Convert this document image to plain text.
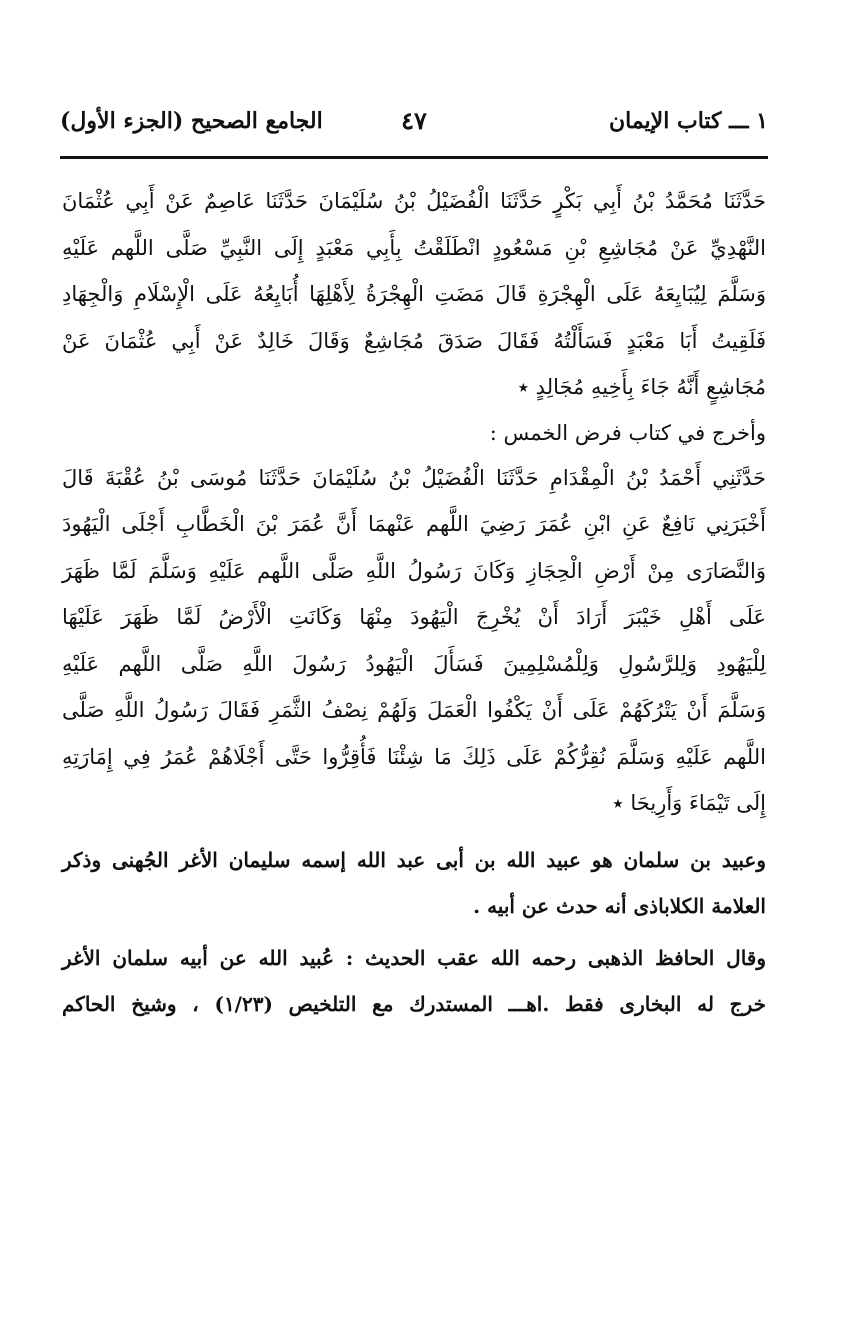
١ ـــ كتاب الإيمان
٤٧
الجامع الصحيح (الجزء الأول)
حَدَّثَنَا مُحَمَّدُ بْنُ أَبِي بَكْرٍ حَدَّثَنَا الْفُضَيْلُ بْنُ سُلَيْمَانَ حَدَّثَنَا عَاصِمٌ عَنْ أَبِي عُثْمَانَ
النَّهْدِيِّ عَنْ مُجَاشِعِ بْنِ مَسْعُودٍ انْطَلَقْتُ بِأَبِي مَعْبَدٍ إِلَى النَّبِيِّ صَلَّى اللَّهم عَلَيْهِ
وَسَلَّمَ لِيُبَايِعَهُ عَلَى الْهِجْرَةِ قَالَ مَضَتِ الْهِجْرَةُ لِأَهْلِهَا أُبَايِعُهُ عَلَى الْإِسْلَامِ وَالْجِهَادِ
فَلَقِيتُ أَبَا مَعْبَدٍ فَسَأَلْتُهُ فَقَالَ صَدَقَ مُجَاشِعٌ وَقَالَ خَالِدٌ عَنْ أَبِي عُثْمَانَ عَنْ
مُجَاشِعٍ أَنَّهُ جَاءَ بِأَخِيهِ مُجَالِدٍ ٭
وأخرج في كتاب فرض الخمس :
حَدَّثَنِي أَحْمَدُ بْنُ الْمِقْدَامِ حَدَّثَنَا الْفُضَيْلُ بْنُ سُلَيْمَانَ حَدَّثَنَا مُوسَى بْنُ عُقْبَةَ قَالَ
أَخْبَرَنِي نَافِعٌ عَنِ ابْنِ عُمَرَ رَضِيَ اللَّهم عَنْهمَا أَنَّ عُمَرَ بْنَ الْخَطَّابِ أَجْلَى الْيَهُودَ
وَالنَّصَارَى مِنْ أَرْضِ الْحِجَازِ وَكَانَ رَسُولُ اللَّهِ صَلَّى اللَّهم عَلَيْهِ وَسَلَّمَ لَمَّا ظَهَرَ
عَلَى أَهْلِ خَيْبَرَ أَرَادَ أَنْ يُخْرِجَ الْيَهُودَ مِنْهَا وَكَانَتِ الْأَرْضُ لَمَّا ظَهَرَ عَلَيْهَا
لِلْيَهُودِ وَلِلرَّسُولِ وَلِلْمُسْلِمِينَ فَسَأَلَ الْيَهُودُ رَسُولَ اللَّهِ صَلَّى اللَّهم عَلَيْهِ
وَسَلَّمَ أَنْ يَتْرُكَهُمْ عَلَى أَنْ يَكْفُوا الْعَمَلَ وَلَهُمْ نِصْفُ الثَّمَرِ فَقَالَ رَسُولُ اللَّهِ صَلَّى
اللَّهم عَلَيْهِ وَسَلَّمَ نُقِرُّكُمْ عَلَى ذَلِكَ مَا شِئْنَا فَأُقِرُّوا حَتَّى أَجْلَاهُمْ عُمَرُ فِي إِمَارَتِهِ
إِلَى تَيْمَاءَ وَأَرِيحَا ٭
وعبيد بن سلمان هو عبيد الله بن أبى عبد الله إسمه سليمان الأغر الجُهنى وذكر
العلامة الكلاباذى أنه حدث عن أبيه .
وقال الحافظ الذهبى رحمه الله عقب الحديث : عُبيد الله عن أبيه سلمان الأغر
خرج له البخارى فقط .اهـــ المستدرك مع التلخيص (١/٢٣) ، وشيخ الحاكم
